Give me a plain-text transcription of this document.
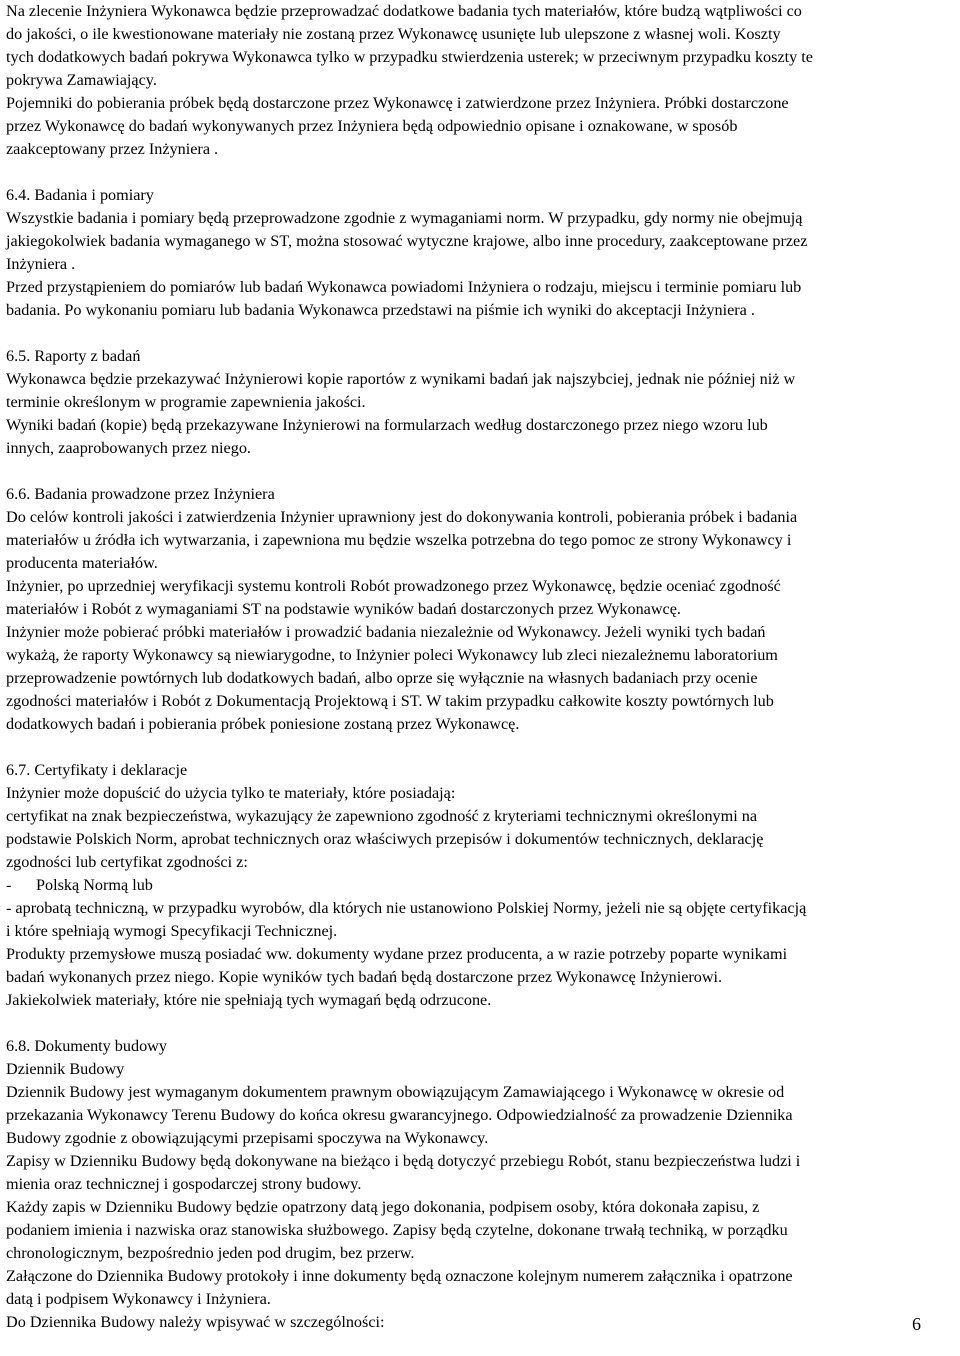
Na zlecenie Inżyniera Wykonawca będzie przeprowadzać dodatkowe badania tych materiałów, które budzą wątpliwości co
do jakości, o ile kwestionowane materiały nie zostaną przez Wykonawcę usunięte lub ulepszone z własnej woli. Koszty
tych dodatkowych badań pokrywa Wykonawca tylko w przypadku stwierdzenia usterek; w przeciwnym przypadku koszty te
pokrywa Zamawiający.
Pojemniki do pobierania próbek będą dostarczone przez Wykonawcę i zatwierdzone przez Inżyniera. Próbki dostarczone
przez Wykonawcę do badań wykonywanych przez Inżyniera będą odpowiednio opisane i oznakowane, w sposób
zaakceptowany przez Inżyniera .
6.4. Badania i pomiary
Wszystkie badania i pomiary będą przeprowadzone zgodnie z wymaganiami norm. W przypadku, gdy normy nie obejmują
jakiegokolwiek badania wymaganego w ST, można stosować wytyczne krajowe, albo inne procedury, zaakceptowane przez
Inżyniera .
Przed przystąpieniem do pomiarów lub badań Wykonawca powiadomi Inżyniera o rodzaju, miejscu i terminie pomiaru lub
badania. Po wykonaniu pomiaru lub badania Wykonawca przedstawi na piśmie ich wyniki do akceptacji Inżyniera .
6.5. Raporty z badań
Wykonawca będzie przekazywać Inżynierowi kopie raportów z wynikami badań jak najszybciej, jednak nie później niż w
terminie określonym w programie zapewnienia jakości.
Wyniki badań (kopie) będą przekazywane Inżynierowi na formularzach według dostarczonego przez niego wzoru lub
innych, zaaprobowanych przez niego.
6.6. Badania prowadzone przez Inżyniera
Do celów kontroli jakości i zatwierdzenia Inżynier uprawniony jest do dokonywania kontroli, pobierania próbek i badania
materiałów u źródła ich wytwarzania, i zapewniona mu będzie wszelka potrzebna do tego pomoc ze strony Wykonawcy i
producenta materiałów.
Inżynier, po uprzedniej weryfikacji systemu kontroli Robót prowadzonego przez Wykonawcę, będzie oceniać zgodność
materiałów i Robót z wymaganiami ST na podstawie wyników badań dostarczonych przez Wykonawcę.
Inżynier może pobierać próbki materiałów i prowadzić badania niezależnie od Wykonawcy. Jeżeli wyniki tych badań
wykażą, że raporty Wykonawcy są niewiarygodne, to Inżynier poleci Wykonawcy lub zleci niezależnemu laboratorium
przeprowadzenie powtórnych lub dodatkowych badań, albo oprze się wyłącznie na własnych badaniach przy ocenie
zgodności materiałów i Robót z Dokumentacją Projektową i ST. W takim przypadku całkowite koszty powtórnych lub
dodatkowych badań i pobierania próbek poniesione zostaną przez Wykonawcę.
6.7. Certyfikaty i deklaracje
Inżynier może dopuścić do użycia tylko te materiały, które posiadają:
certyfikat na znak bezpieczeństwa, wykazujący że zapewniono zgodność z kryteriami technicznymi określonymi na
podstawie Polskich Norm, aprobat technicznych oraz właściwych przepisów i dokumentów technicznych, deklarację
zgodności lub certyfikat zgodności z:
- Polską Normą lub
- aprobatą techniczną, w przypadku wyrobów, dla których nie ustanowiono Polskiej Normy, jeżeli nie są objęte certyfikacją
i które spełniają wymogi Specyfikacji Technicznej.
Produkty przemysłowe muszą posiadać ww. dokumenty wydane przez producenta, a w razie potrzeby poparte wynikami
badań wykonanych przez niego. Kopie wyników tych badań będą dostarczone przez Wykonawcę Inżynierowi.
Jakiekolwiek materiały, które nie spełniają tych wymagań będą odrzucone.
6.8. Dokumenty budowy
Dziennik Budowy
Dziennik Budowy jest wymaganym dokumentem prawnym obowiązującym Zamawiającego i Wykonawcę w okresie od
przekazania Wykonawcy Terenu Budowy do końca okresu gwarancyjnego. Odpowiedzialność za prowadzenie Dziennika
Budowy zgodnie z obowiązującymi przepisami spoczywa na Wykonawcy.
Zapisy w Dzienniku Budowy będą dokonywane na bieżąco i będą dotyczyć przebiegu Robót, stanu bezpieczeństwa ludzi i
mienia oraz technicznej i gospodarczej strony budowy.
Każdy zapis w Dzienniku Budowy będzie opatrzony datą jego dokonania, podpisem osoby, która dokonała zapisu, z
podaniem imienia i nazwiska oraz stanowiska służbowego. Zapisy będą czytelne, dokonane trwałą techniką, w porządku
chronologicznym, bezpośrednio jeden pod drugim, bez przerw.
Załączone do Dziennika Budowy protokoły i inne dokumenty będą oznaczone kolejnym numerem załącznika i opatrzone
datą i podpisem Wykonawcy i Inżyniera.
Do Dziennika Budowy należy wpisywać w szczególności:	6
